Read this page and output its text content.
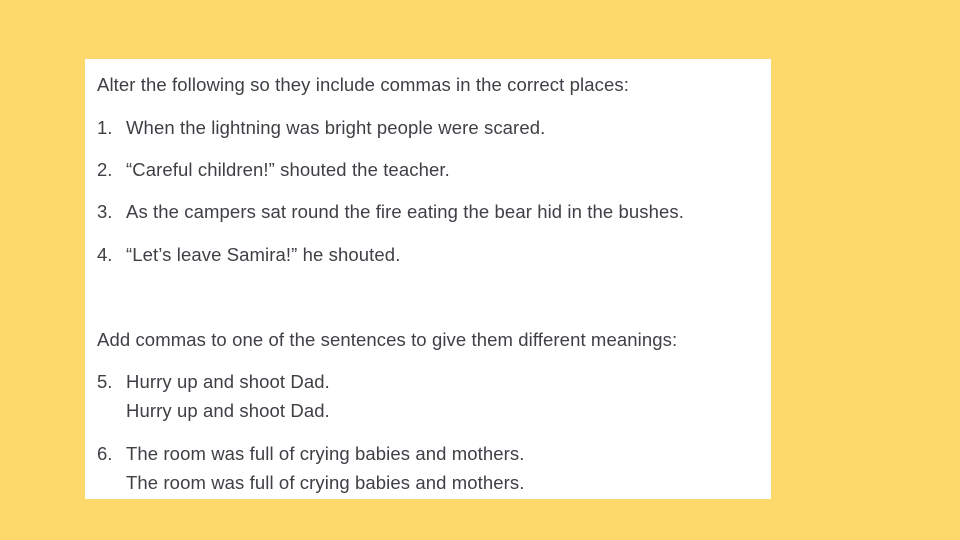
Alter the following so they include commas in the correct places:
1. When the lightning was bright people were scared.
2. “Careful children!” shouted the teacher.
3. As the campers sat round the fire eating the bear hid in the bushes.
4. “Let’s leave Samira!” he shouted.
Add commas to one of the sentences to give them different meanings:
5. Hurry up and shoot Dad.
Hurry up and shoot Dad.
6. The room was full of crying babies and mothers.
The room was full of crying babies and mothers.
